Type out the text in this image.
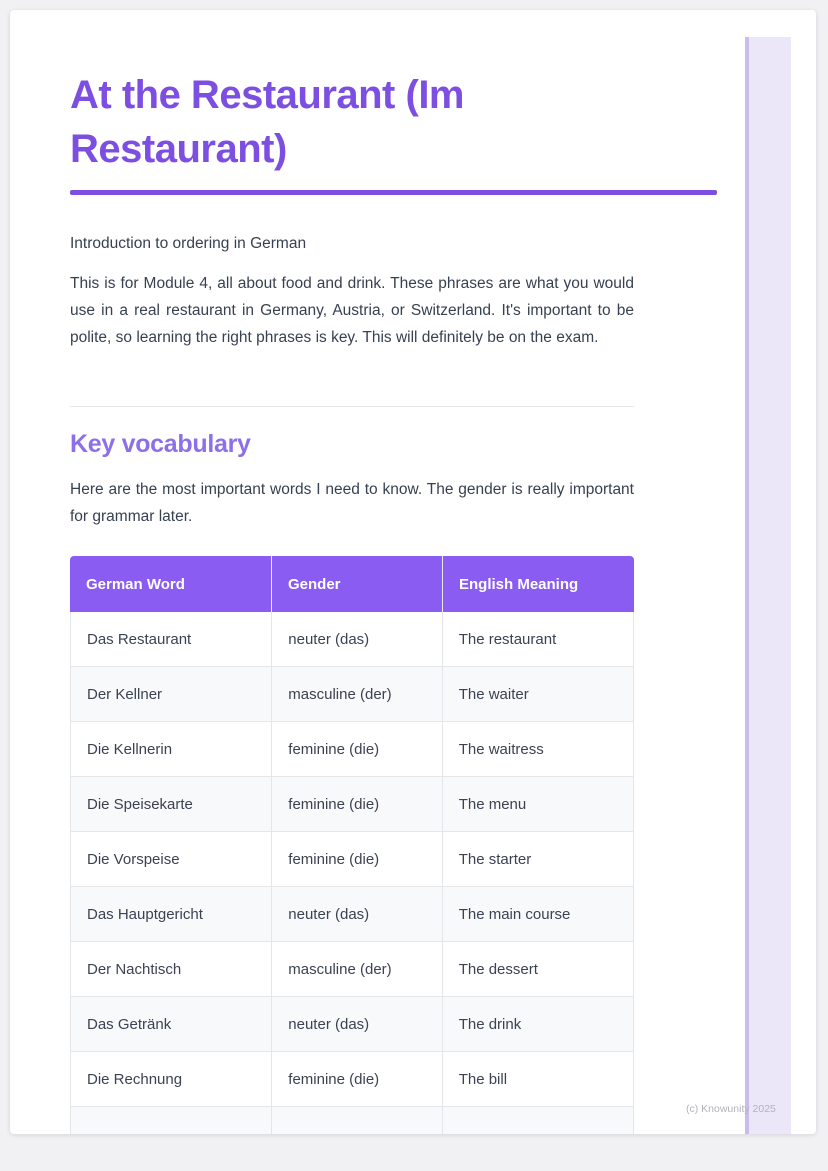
At the Restaurant (Im Restaurant)
Introduction to ordering in German

This is for Module 4, all about food and drink. These phrases are what you would use in a real restaurant in Germany, Austria, or Switzerland. It's important to be polite, so learning the right phrases is key. This will definitely be on the exam.

Key vocabulary

Here are the most important words I need to know. The gender is really important for grammar later.

German Word	Gender	English Meaning
Das Restaurant	neuter (das)	The restaurant
Der Kellner	masculine (der)	The waiter
Die Kellnerin	feminine (die)	The waitress
Die Speisekarte	feminine (die)	The menu
Die Vorspeise	feminine (die)	The starter
Das Hauptgericht	neuter (das)	The main course
Der Nachtisch	masculine (der)	The dessert
Das Getränk	neuter (das)	The drink
Die Rechnung	feminine (die)	The bill
(c) Knowunity 2025
